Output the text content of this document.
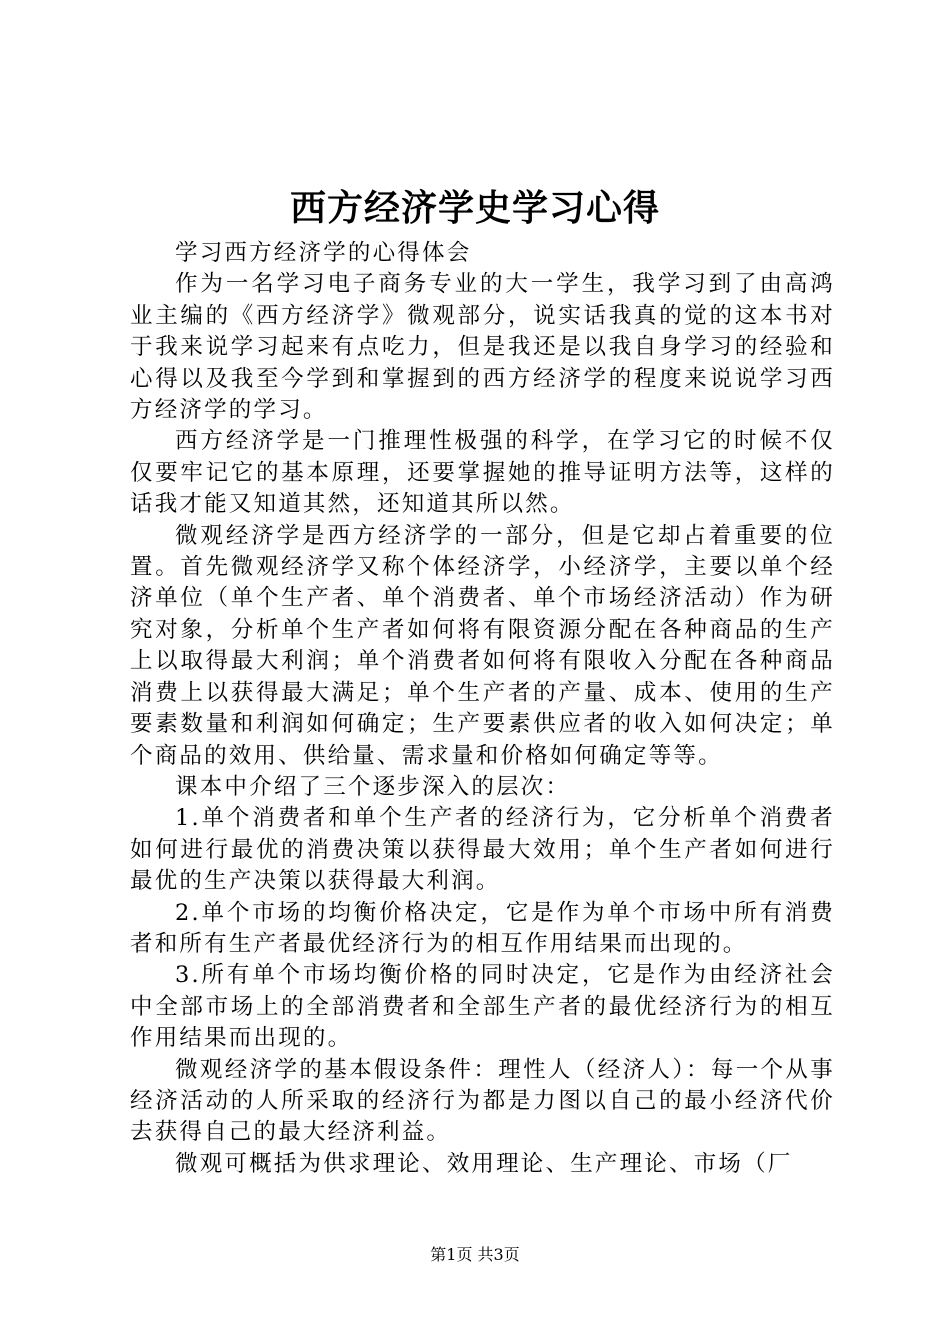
西方经济学史学习心得

学习西方经济学的心得体会

作为一名学习电子商务专业的大一学生，我学习到了由高鸿业主编的《西方经济学》微观部分，说实话我真的觉的这本书对于我来说学习起来有点吃力，但是我还是以我自身学习的经验和心得以及我至今学到和掌握到的西方经济学的程度来说说学习西方经济学的学习。

西方经济学是一门推理性极强的科学，在学习它的时候不仅仅要牢记它的基本原理，还要掌握她的推导证明方法等，这样的话我才能又知道其然，还知道其所以然。

微观经济学是西方经济学的一部分，但是它却占着重要的位置。首先微观经济学又称个体经济学，小经济学，主要以单个经济单位（单个生产者、单个消费者、单个市场经济活动）作为研究对象，分析单个生产者如何将有限资源分配在各种商品的生产上以取得最大利润；单个消费者如何将有限收入分配在各种商品消费上以获得最大满足；单个生产者的产量、成本、使用的生产要素数量和利润如何确定；生产要素供应者的收入如何决定；单个商品的效用、供给量、需求量和价格如何确定等等。

课本中介绍了三个逐步深入的层次：

1.单个消费者和单个生产者的经济行为，它分析单个消费者如何进行最优的消费决策以获得最大效用；单个生产者如何进行最优的生产决策以获得最大利润。

2.单个市场的均衡价格决定，它是作为单个市场中所有消费者和所有生产者最优经济行为的相互作用结果而出现的。

3.所有单个市场均衡价格的同时决定，它是作为由经济社会中全部市场上的全部消费者和全部生产者的最优经济行为的相互作用结果而出现的。

微观经济学的基本假设条件：理性人（经济人）：每一个从事经济活动的人所采取的经济行为都是力图以自己的最小经济代价去获得自己的最大经济利益。

微观可概括为供求理论、效用理论、生产理论、市场（厂

第1页 共3页
